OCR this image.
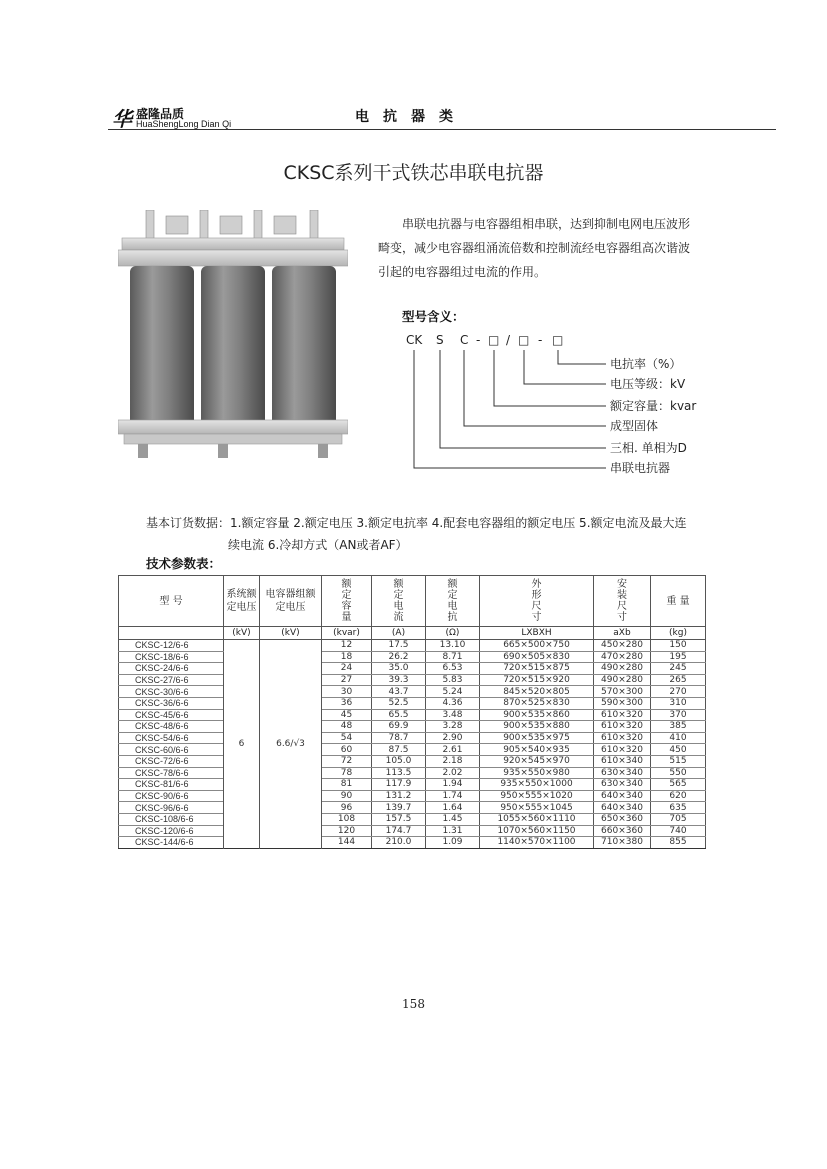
华 盛隆品质
HuaShengLong Dian Qi	电抗器类
CKSC系列干式铁芯串联电抗器
串联电抗器与电容器组相串联，达到抑制电网电压波形畸变，减少电容器组涌流倍数和控制流经电容器组高次谐波引起的电容器组过电流的作用。
型号含义：
CK S C - □ / □ - □
电抗率（%）
电压等级：kV
额定容量：kvar
成型固体
三相. 单相为D
串联电抗器
基本订货数据：1.额定容量 2.额定电压 3.额定电抗率 4.配套电容器组的额定电压 5.额定电流及最大连
续电流 6.冷却方式（AN或者AF）
技术参数表：
型 号	系统额定电压	电容器组额定电压	额定容量	额定电流	额定电抗	外形尺寸	安装尺寸	重 量
	(kV)	(kV)	(kvar)	(A)	(Ω)	LXBXH	aXb	(kg)
CKSC-12/6-6	6	6.6/√3	12	17.5	13.10	665×500×750	450×280	150
CKSC-18/6-6			18	26.2	8.71	690×505×830	470×280	195
CKSC-24/6-6			24	35.0	6.53	720×515×875	490×280	245
CKSC-27/6-6			27	39.3	5.83	720×515×920	490×280	265
CKSC-30/6-6			30	43.7	5.24	845×520×805	570×300	270
CKSC-36/6-6			36	52.5	4.36	870×525×830	590×300	310
CKSC-45/6-6			45	65.5	3.48	900×535×860	610×320	370
CKSC-48/6-6			48	69.9	3.28	900×535×880	610×320	385
CKSC-54/6-6			54	78.7	2.90	900×535×975	610×320	410
CKSC-60/6-6			60	87.5	2.61	905×540×935	610×320	450
CKSC-72/6-6			72	105.0	2.18	920×545×970	610×340	515
CKSC-78/6-6			78	113.5	2.02	935×550×980	630×340	550
CKSC-81/6-6			81	117.9	1.94	935×550×1000	630×340	565
CKSC-90/6-6			90	131.2	1.74	950×555×1020	640×340	620
CKSC-96/6-6			96	139.7	1.64	950×555×1045	640×340	635
CKSC-108/6-6			108	157.5	1.45	1055×560×1110	650×360	705
CKSC-120/6-6			120	174.7	1.31	1070×560×1150	660×360	740
CKSC-144/6-6			144	210.0	1.09	1140×570×1100	710×380	855
158
